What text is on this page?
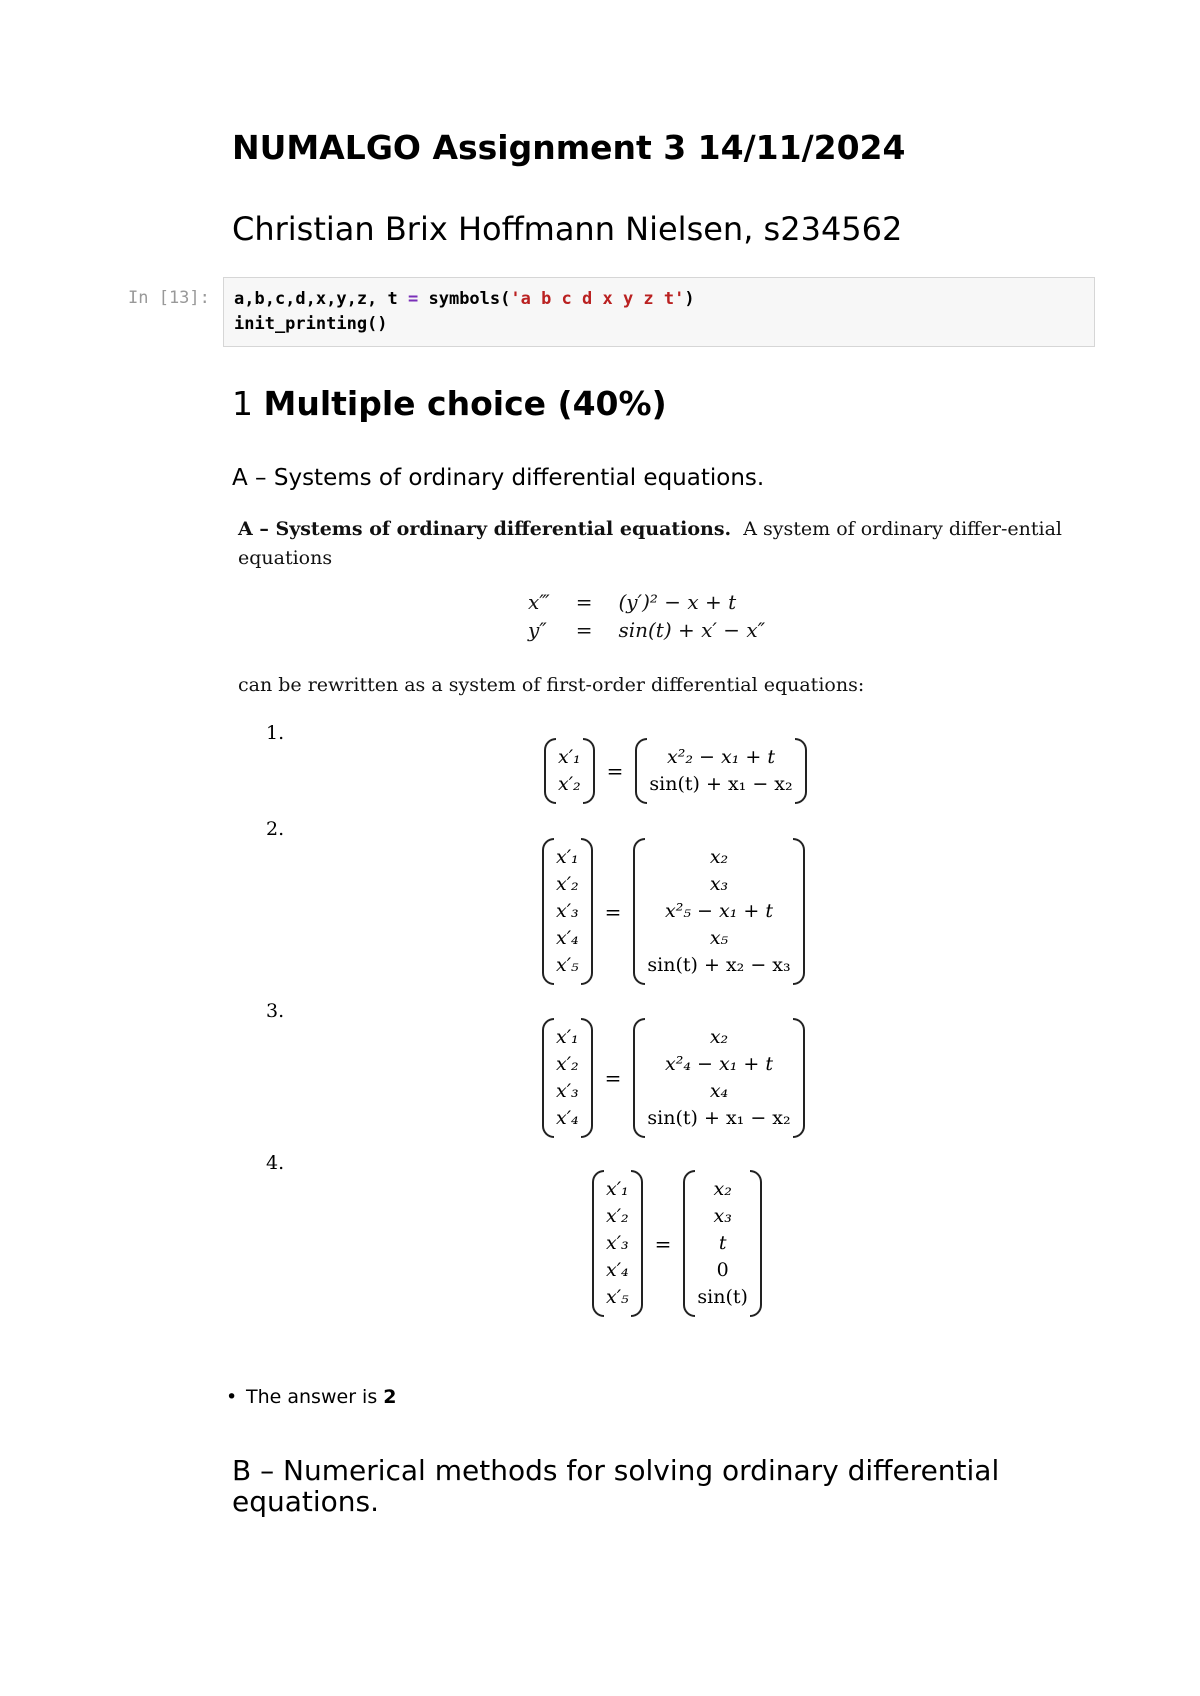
NUMALGO Assignment 3 14/11/2024
Christian Brix Hoffmann Nielsen, s234562
In [13]: a,b,c,d,x,y,z, t = symbols('a b c d x y z t')
init_printing()
1 Multiple choice (40%)
A – Systems of ordinary differential equations.
A – Systems of ordinary differential equations. A system of ordinary differ-ential equations
x‴	=	(y′)² − x + t
y″	=	sin(t) + x′ − x″
can be rewritten as a system of first-order differential equations:
1.
x′₁
x′₂
=
x²₂ − x₁ + t
sin(t) + x₁ − x₂
2.
x′₁
x′₂
x′₃
x′₄
x′₅
=
x₂
x₃
x²₅ − x₁ + t
x₅
sin(t) + x₂ − x₃
3.
x′₁
x′₂
x′₃
x′₄
=
x₂
x²₄ − x₁ + t
x₄
sin(t) + x₁ − x₂
4.
x′₁
x′₂
x′₃
x′₄
x′₅
=
x₂
x₃
t
0
sin(t)
• The answer is 2
B – Numerical methods for solving ordinary differential equations.
